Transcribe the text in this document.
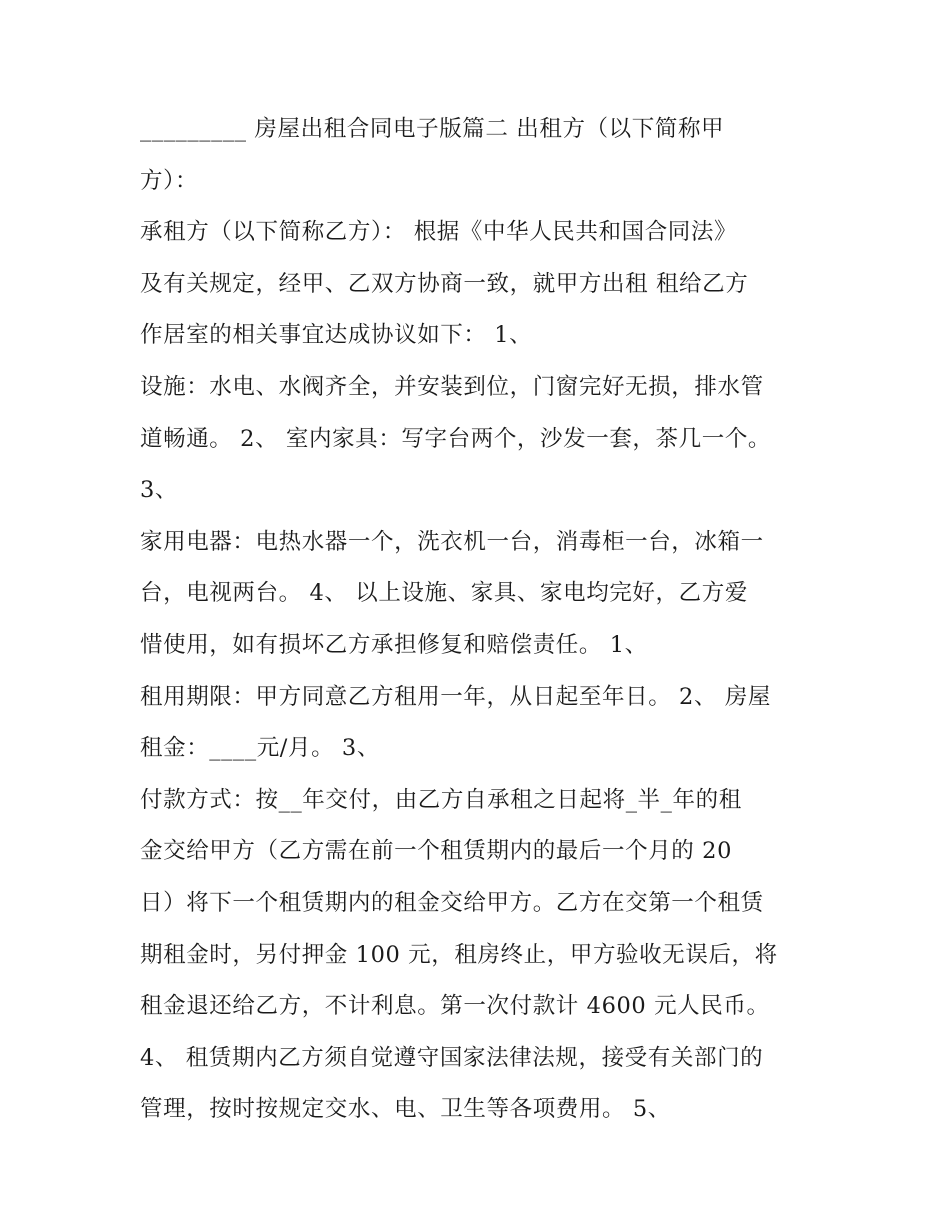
_________ 房屋出租合同电子版篇二 出租方（以下简称甲
方）：
承租方（以下简称乙方）： 根据《中华人民共和国合同法》
及有关规定，经甲、乙双方协商一致，就甲方出租 租给乙方
作居室的相关事宜达成协议如下： 1、
设施：水电、水阀齐全，并安装到位，门窗完好无损，排水管
道畅通。 2、 室内家具：写字台两个，沙发一套，茶几一个。
3、
家用电器：电热水器一个，洗衣机一台，消毒柜一台，冰箱一
台，电视两台。 4、 以上设施、家具、家电均完好，乙方爱
惜使用，如有损坏乙方承担修复和赔偿责任。 1、
租用期限：甲方同意乙方租用一年，从日起至年日。 2、 房屋
租金：____元/月。 3、
付款方式：按__年交付，由乙方自承租之日起将_半_年的租
金交给甲方（乙方需在前一个租赁期内的最后一个月的 20
日）将下一个租赁期内的租金交给甲方。乙方在交第一个租赁
期租金时，另付押金 100 元，租房终止，甲方验收无误后，将
租金退还给乙方，不计利息。第一次付款计 4600 元人民币。
4、 租赁期内乙方须自觉遵守国家法律法规，接受有关部门的
管理，按时按规定交水、电、卫生等各项费用。 5、
